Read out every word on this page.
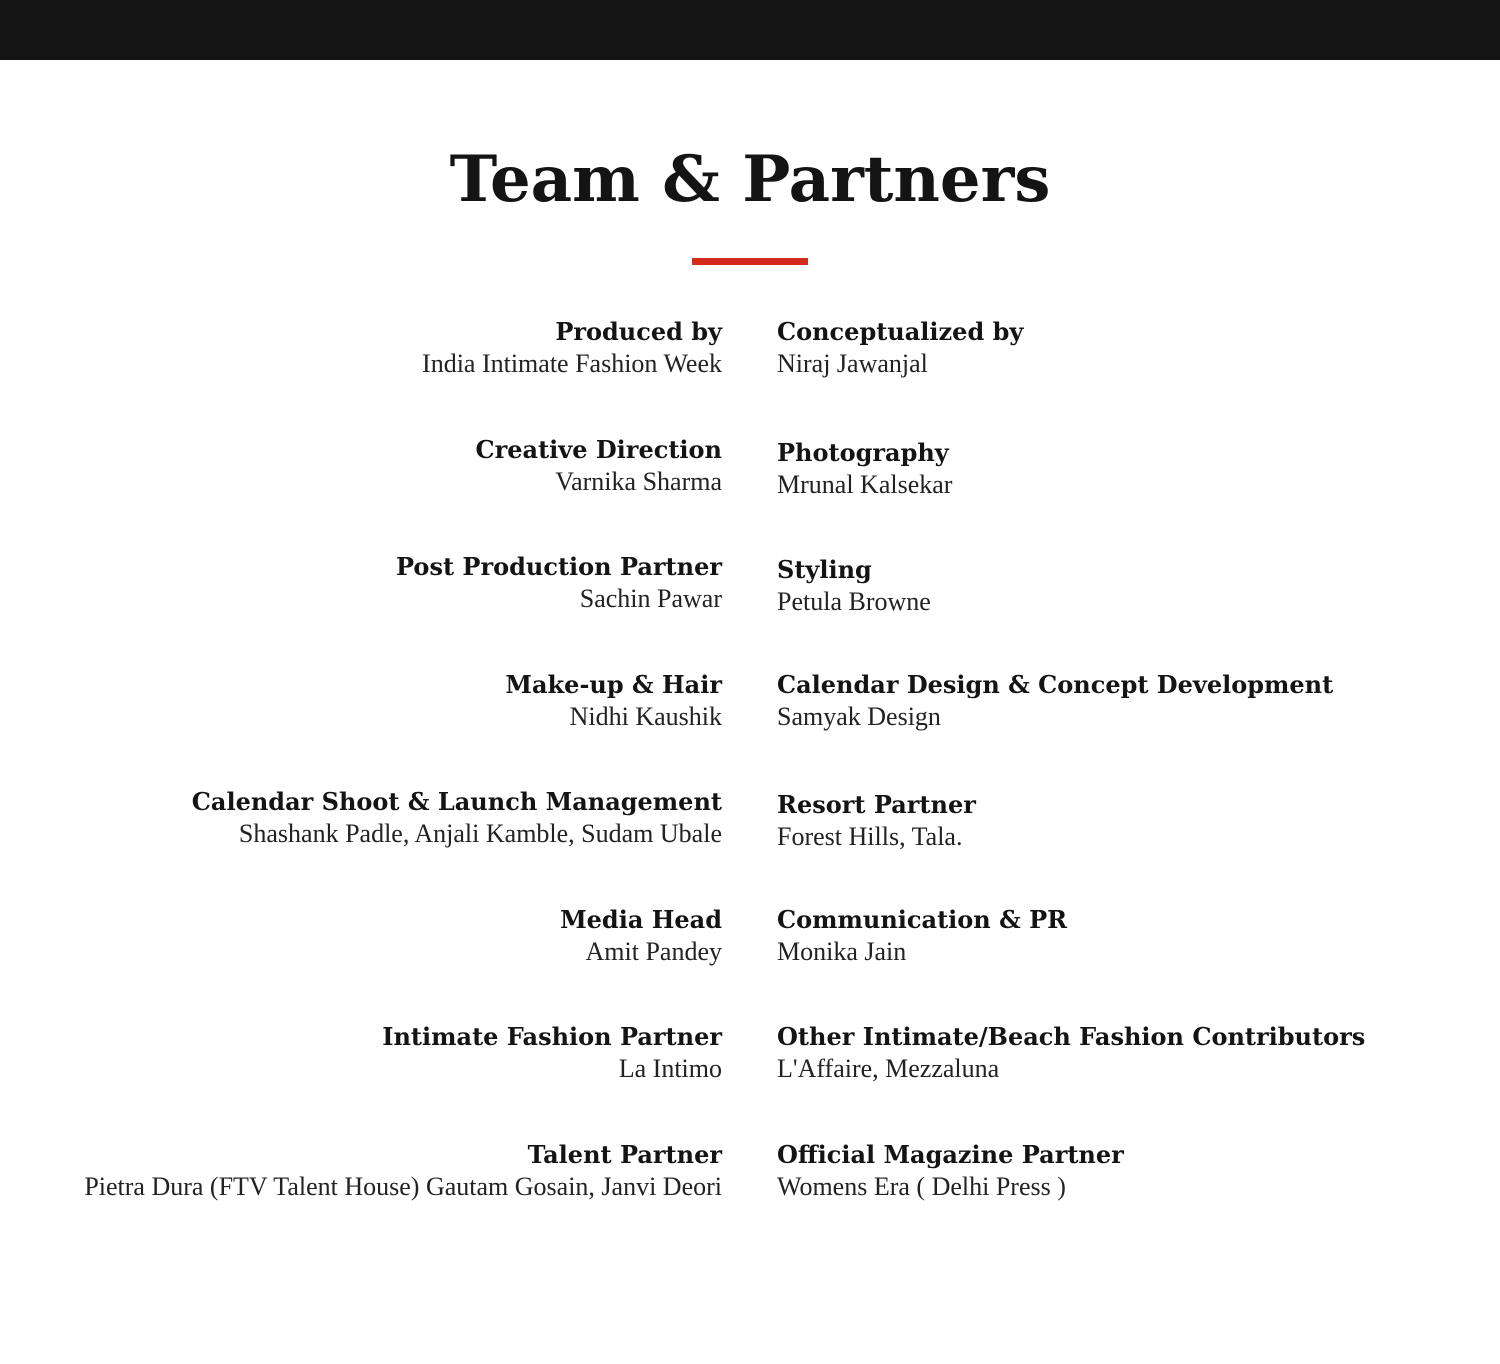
Team & Partners
Produced by
India Intimate Fashion Week
Conceptualized by
Niraj Jawanjal
Creative Direction
Varnika Sharma
Photography
Mrunal Kalsekar
Post Production Partner
Sachin Pawar
Styling
Petula Browne
Make-up & Hair
Nidhi Kaushik
Calendar Design & Concept Development
Samyak Design
Calendar Shoot & Launch Management
Shashank Padle, Anjali Kamble, Sudam Ubale
Resort Partner
Forest Hills, Tala.
Media Head
Amit Pandey
Communication & PR
Monika Jain
Intimate Fashion Partner
La Intimo
Other Intimate/Beach Fashion Contributors
L'Affaire, Mezzaluna
Talent Partner
Pietra Dura (FTV Talent House) Gautam Gosain, Janvi Deori
Official Magazine Partner
Womens Era ( Delhi Press )
